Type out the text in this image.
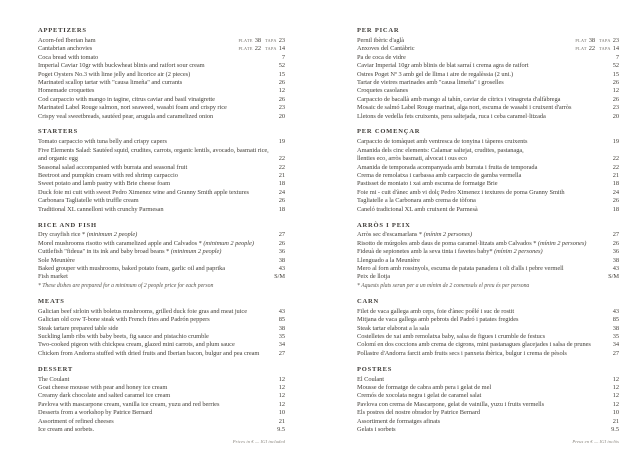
APPETIZERS
Acorn-fed Iberian ham	PLATE 38 TAPA 23
Cantabrian anchovies	PLATE 22 TAPA 14
Coca bread with tomato	7
Imperial Caviar 10gr with buckwheat blinis and raifort sour cream	52
Poget Oysters No.3 with lime jelly and licorice air (2 pieces)	15
Marinated scallop tartar with "causa limeña" and currants	26
Homemade croquettes	12
Cod carpaccio with mango in tagine, citrus caviar and basil vinaigrette	26
Marinated Label Rouge salmon, nori seaweed, wasabi foam and crispy rice	23
Crispy veal sweetbreads, sautéed pear, arugula and caramelized onion	20
STARTERS
Tomato carpaccio with tuna belly and crispy capers	19
Five Elements Salad: Sautéed squid, crudites, carrots, organic lentils, avocado, basmati rice,
and organic egg	22
Seasonal salad accompanied with burrata and seasonal fruit	22
Beetroot and pumpkin cream with red shrimp carpaccio	21
Sweet potato and lamb pastry with Brie cheese foam	18
Duck foie mi cuit with sweet Pedro Ximenez wine and Granny Smith apple textures	24
Carbonara Tagliatelle with truffle cream	26
Traditional XL cannelloni with crunchy Parmesan	18
RICE AND FISH
Dry crayfish rice * (minimum 2 people)	27
Morel mushrooms risotto with caramelized apple and Calvados * (minimum 2 people)	26
Cuttlefish "fideua" in its ink and baby broad beans * (minimum 2 people)	36
Sole Meunière	38
Baked grouper with mushrooms, baked potato foam, garlic oil and paprika	43
Fish market	S/M
* These dishes are prepared for a minimum of 2 people price for each person
MEATS
Galician beef sirloin with boletus mushrooms, grilled duck foie gras and meat juice	43
Galician old cow T-bone steak with French fries and Padrón peppers	85
Steak tartare prepared table side	38
Suckling lamb ribs with baby beets, fig sauce and pistachio crumble	35
Two-cooked pigeon with chickpea cream, glazed mini carrots, and plum sauce	34
Chicken from Andorra stuffed with dried fruits and Iberian bacon, bulgur and pea cream	27
DESSERT
The Coulant	12
Goat cheese mousse with pear and honey ice cream	12
Creamy dark chocolate and salted caramel ice cream	12
Pavlova with mascarpone cream, vanilla ice cream, yuzu and red berries	12
Desserts from a workshop by Patrice Bernard	10
Assortment of refined cheeses	21
Ice cream and sorbets.	9.5
Prices in € — IGI included
PER PICAR
Pernil ibèric d'aglà	PLAT 38 TAPA 23
Anxoves del Cantàbric	PLAT 22 TAPA 14
Pa de coca de vidre	7
Caviar Imperial 10gr amb blinis de blat sarraí i crema agra de raifort	52
Ostres Poget Nº 3 amb gel de llima i aire de regalèssia (2 uni.)	15
Tartar de vieires marinades amb "causa limeña" i groselles	26
Croquetes casolanes	12
Carpaccio de bacallà amb mango al tahín, caviar de cítrics i vinagreta d'alfàbrega	26
Mosaic de salmó Label Rouge marinat, alga nori, escuma de wasabi i cruixent d'arròs	23
Lletons de vedella fets cruixents, pera saltejada, ruca i ceba caramel·litzada	20
PER COMENÇAR
Carpaccio de tomàquet amb ventresca de tonyina i tàperes cruixents	19
Amanida dels cinc elements: Calamar saltejat, crudites, pastanaga,
llenties eco, arròs basmati, alvocat i ous eco	22
Amanida de temporada acompanyada amb burrata i fruita de temporada	22
Crema de remolatxa i carbassa amb carpaccio de gamba vermella	21
Pastisset de moniato i xai amb escuma de formatge Brie	18
Foie mi - cuit d'ànec amb vi dolç Pedro Ximenez i textures de poma Granny Smith	24
Tagliatelle a la Carbonara amb crema de tòfona	26
Caneló tradicional XL amb cruixent de Parmesà	18
ARRÒS I PEIX
Arròs sec d'escamarlans * (mínim 2 persones)	27
Risotto de múrgoles amb daus de poma caramel·litzats amb Calvados * (mínim 2 persones)	26
Fideuà de sepionetes amb la seva tinta i favetes baby* (mínim 2 persones)	36
Llenguado a la Meunière	38
Mero al forn amb rossinyols, escuma de patata panadera i oli d'alls i pebre vermell	43
Peix de llotja	S/M
* Aquests plats seran per a un mínim de 2 comensals el preu és per persona
CARN
Filet de vaca gallega amb ceps, foie d'ànec poêlé i suc de rostit	43
Mitjana de vaca gallega amb pebrots del Padró i patates fregides	85
Steak tartar elaborat a la sala	38
Costelletes de xai amb remolatxa baby, salsa de figues i crumble de festucs	35
Colomí en dos coccions amb crema de cigrons, mini pastanagues glacejades i salsa de prunes	34
Pollastre d'Andorra farcit amb fruits secs i panxeta ibèrica, bulgur i crema de pèsols	27
POSTRES
El Coulant	12
Mousse de formatge de cabra amb pera i gelat de mel	12
Cremós de xocolata negra i gelat de caramel salat	12
Pavlova con crema de Mascarpone, gelat de vainilla, yuzu i fruits vermells	12
Els postres del nostre obrador by Patrice Bernard	10
Assortiment de formatges afinats	21
Gelats i sorbets	9.5
Preus en € — IGI inclòs
